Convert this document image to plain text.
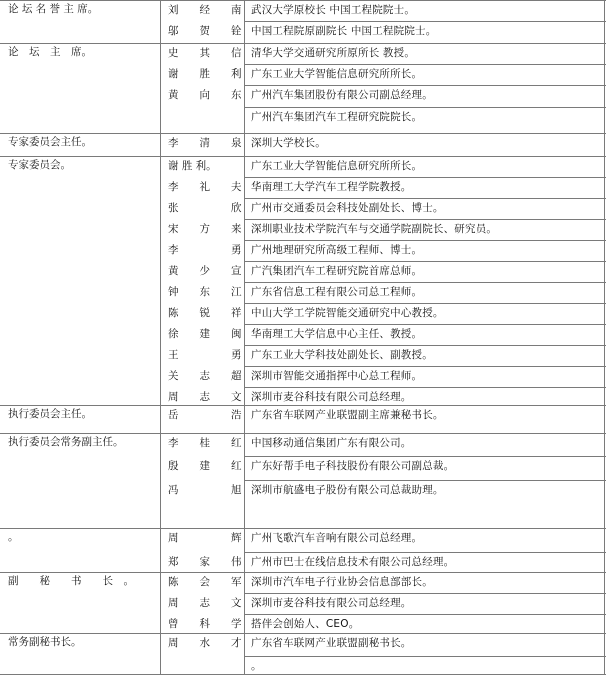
论 坛 名 誉 主 席。	刘　　经　　南 武汉大学原校长 中国工程院院士。
邬　　贺　　铨 中国工程院原副院长 中国工程院院士。
论　坛　主　席。	史　　其　　信 清华大学交通研究所原所长 教授。
谢　　胜　　利 广东工业大学智能信息研究所所长。
黄　　向　　东 广州汽车集团股份有限公司副总经理。
广州汽车集团汽车工程研究院院长。
专家委员会主任。	李　　清　　泉 深圳大学校长。
专家委员会。	谢 胜 利。	广东工业大学智能信息研究所所长。
李　　礼　　夫 华南理工大学汽车工程学院教授。
张　　　　　欣 广州市交通委员会科技处副处长、博士。
宋　　方　　来 深圳职业技术学院汽车与交通学院副院长、研究员。
李　　　　　勇 广州地理研究所高级工程师、博士。
黄　　少　　宣 广汽集团汽车工程研究院首席总师。
钟　　东　　江 广东省信息工程有限公司总工程师。
陈　　锐　　祥 中山大学工学院智能交通研究中心教授。
徐　　建　　闽 华南理工大学信息中心主任、教授。
王　　　　　勇 广东工业大学科技处副处长、副教授。
关　　志　　超 深圳市智能交通指挥中心总工程师。
周　　志　　文 深圳市麦谷科技有限公司总经理。
执行委员会主任。	岳　　　　　浩 广东省车联网产业联盟副主席兼秘书长。
执行委员会常务副主任。	李　　桂　　红 中国移动通信集团广东有限公司。
殷　　建　　红 广东好帮手电子科技股份有限公司副总裁。
冯　　　　　旭 深圳市航盛电子股份有限公司总裁助理。
。	周　　　　　辉 广州飞歌汽车音响有限公司总经理。
郑　　家　　伟 广州市巴士在线信息技术有限公司总经理。
副　　秘　　书　　长　。	陈　　会　　军 深圳市汽车电子行业协会信息部部长。
周　　志　　文 深圳市麦谷科技有限公司总经理。
曾　　科　　学 搭伴会创始人、CEO。
常务副秘书长。	周　　水　　才 广东省车联网产业联盟副秘书长。
。
